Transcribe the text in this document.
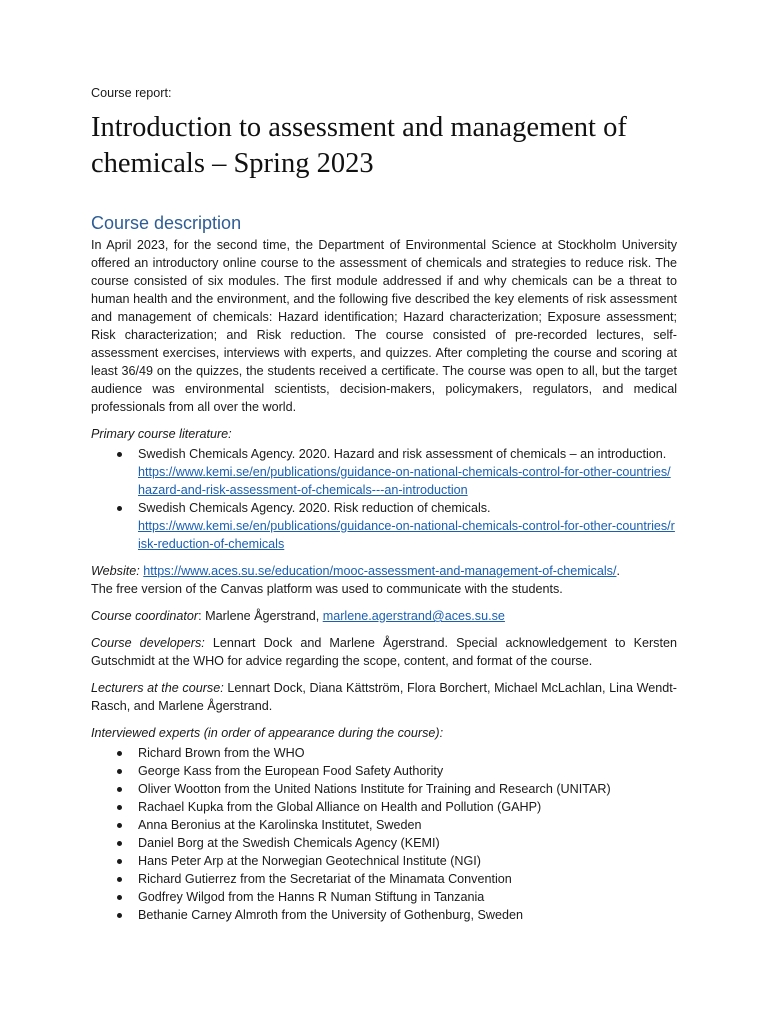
Course report:

Introduction to assessment and management of chemicals – Spring 2023
Course description

In April 2023, for the second time, the Department of Environmental Science at Stockholm University offered an introductory online course to the assessment of chemicals and strategies to reduce risk. The course consisted of six modules. The first module addressed if and why chemicals can be a threat to human health and the environment, and the following five described the key elements of risk assessment and management of chemicals: Hazard identification; Hazard characterization; Exposure assessment; Risk characterization; and Risk reduction. The course consisted of pre-recorded lectures, self-assessment exercises, interviews with experts, and quizzes. After completing the course and scoring at least 36/49 on the quizzes, the students received a certificate. The course was open to all, but the target audience was environmental scientists, decision-makers, policymakers, regulators, and medical professionals from all over the world.

Primary course literature:

Swedish Chemicals Agency. 2020. Hazard and risk assessment of chemicals – an introduction.
https://www.kemi.se/en/publications/guidance-on-national-chemicals-control-for-other-countries/hazard-and-risk-assessment-of-chemicals---an-introduction
Swedish Chemicals Agency. 2020. Risk reduction of chemicals.
https://www.kemi.se/en/publications/guidance-on-national-chemicals-control-for-other-countries/risk-reduction-of-chemicals

Website: https://www.aces.su.se/education/mooc-assessment-and-management-of-chemicals/.
The free version of the Canvas platform was used to communicate with the students.

Course coordinator: Marlene Ågerstrand, marlene.agerstrand@aces.su.se

Course developers: Lennart Dock and Marlene Ågerstrand. Special acknowledgement to Kersten Gutschmidt at the WHO for advice regarding the scope, content, and format of the course.

Lecturers at the course: Lennart Dock, Diana Kättström, Flora Borchert, Michael McLachlan, Lina Wendt-Rasch, and Marlene Ågerstrand.

Interviewed experts (in order of appearance during the course):

Richard Brown from the WHO
George Kass from the European Food Safety Authority
Oliver Wootton from the United Nations Institute for Training and Research (UNITAR)
Rachael Kupka from the Global Alliance on Health and Pollution (GAHP)
Anna Beronius at the Karolinska Institutet, Sweden
Daniel Borg at the Swedish Chemicals Agency (KEMI)
Hans Peter Arp at the Norwegian Geotechnical Institute (NGI)
Richard Gutierrez from the Secretariat of the Minamata Convention
Godfrey Wilgod from the Hanns R Numan Stiftung in Tanzania
Bethanie Carney Almroth from the University of Gothenburg, Sweden
